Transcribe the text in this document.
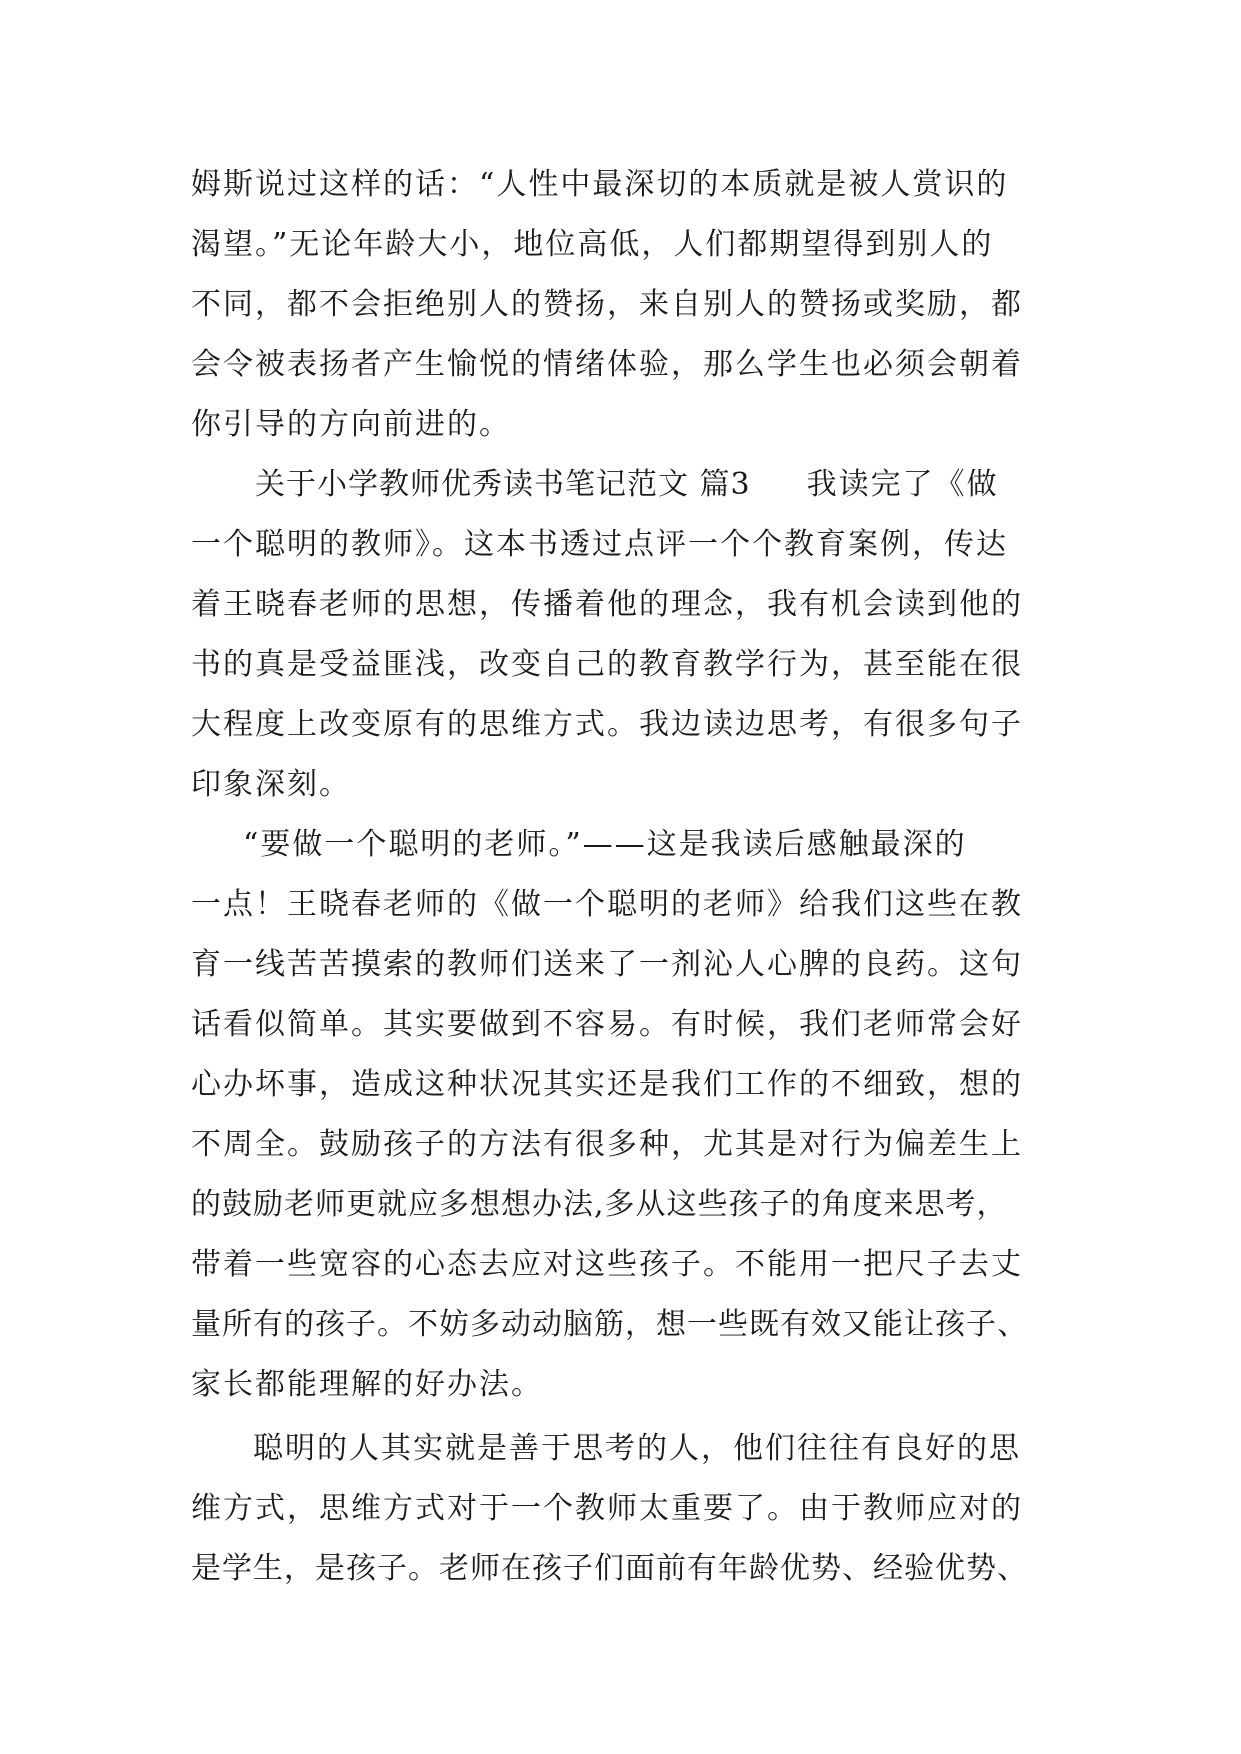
姆斯说过这样的话：“人性中最深切的本质就是被人赏识的
渴望。”无论年龄大小，地位高低，人们都期望得到别人的
不同，都不会拒绝别人的赞扬，来自别人的赞扬或奖励，都
会令被表扬者产生愉悦的情绪体验，那么学生也必须会朝着
你引导的方向前进的。
关于小学教师优秀读书笔记范文 篇3 我读完了《做
一个聪明的教师》。这本书透过点评一个个教育案例，传达
着王晓春老师的思想，传播着他的理念，我有机会读到他的
书的真是受益匪浅，改变自己的教育教学行为，甚至能在很
大程度上改变原有的思维方式。我边读边思考，有很多句子
印象深刻。
“要做一个聪明的老师。”——这是我读后感触最深的
一点！王晓春老师的《做一个聪明的老师》给我们这些在教
育一线苦苦摸索的教师们送来了一剂沁人心脾的良药。这句
话看似简单。其实要做到不容易。有时候，我们老师常会好
心办坏事，造成这种状况其实还是我们工作的不细致，想的
不周全。鼓励孩子的方法有很多种，尤其是对行为偏差生上
的鼓励老师更就应多想想办法,多从这些孩子的角度来思考，
带着一些宽容的心态去应对这些孩子。不能用一把尺子去丈
量所有的孩子。不妨多动动脑筋，想一些既有效又能让孩子、
家长都能理解的好办法。
聪明的人其实就是善于思考的人，他们往往有良好的思
维方式，思维方式对于一个教师太重要了。由于教师应对的
是学生，是孩子。老师在孩子们面前有年龄优势、经验优势、
